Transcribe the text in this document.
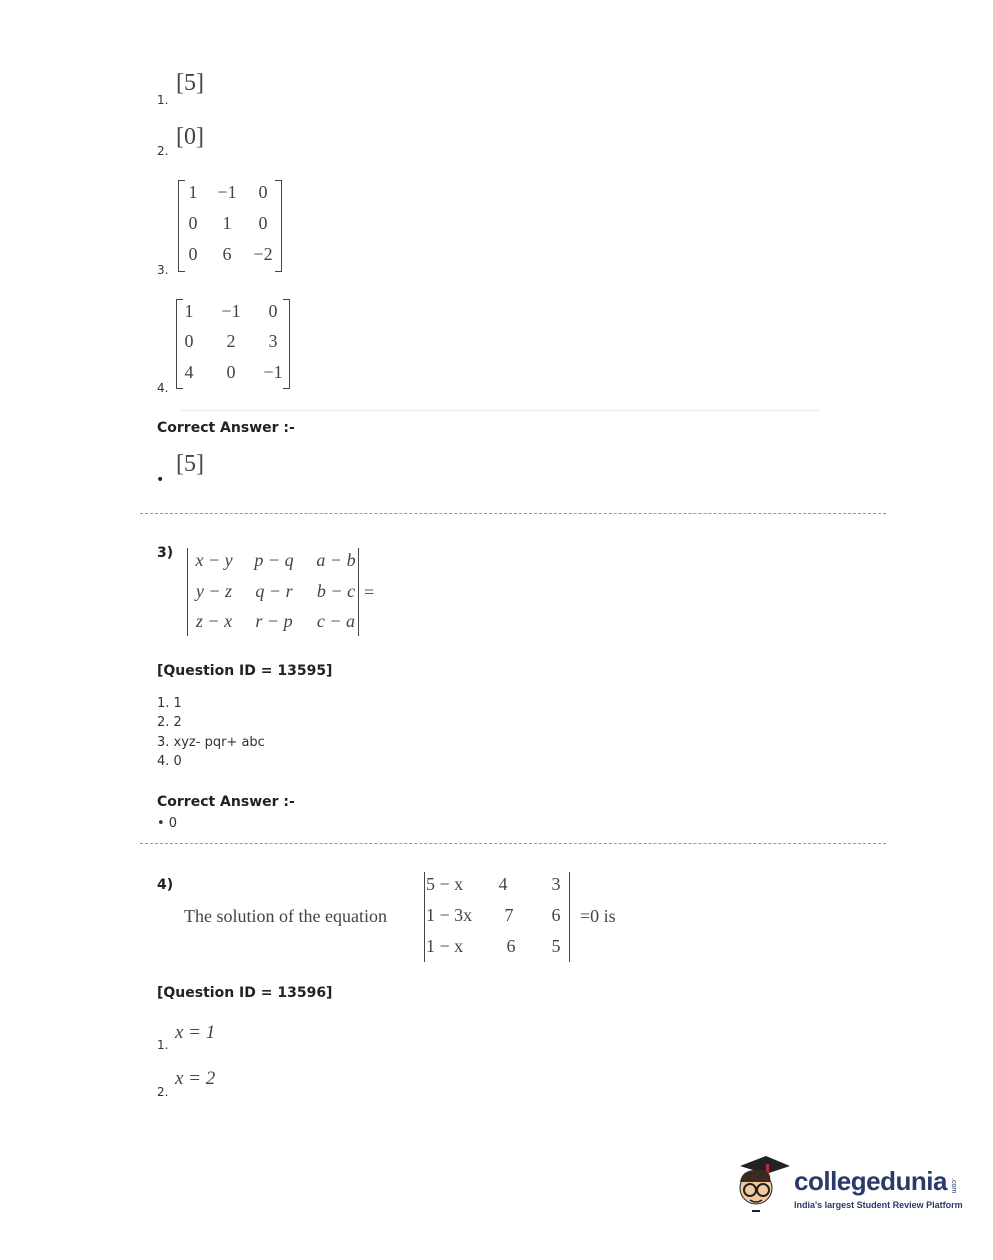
1.
[5]
2.
[0]
3.
1	−1	0
0	1	0
0	6	−2
4.
1	−1	0
0	2	3
4	0	−1
Correct Answer :-
•
[5]
3)	x − y	p − q	a − b
y − z	q − r	b − c
z − x	r − p	c − a
=
[Question ID = 13595]
1. 1
2. 2
3. xyz- pqr+ abc
4. 0
Correct Answer :-
• 0
4)
The solution of the equation
5 − x	4	3
1 − 3x	7	6
1 − x	6	5
=0 is
[Question ID = 13596]
1.
x = 1
2.
x = 2
collegedunia .com
India's largest Student Review Platform
